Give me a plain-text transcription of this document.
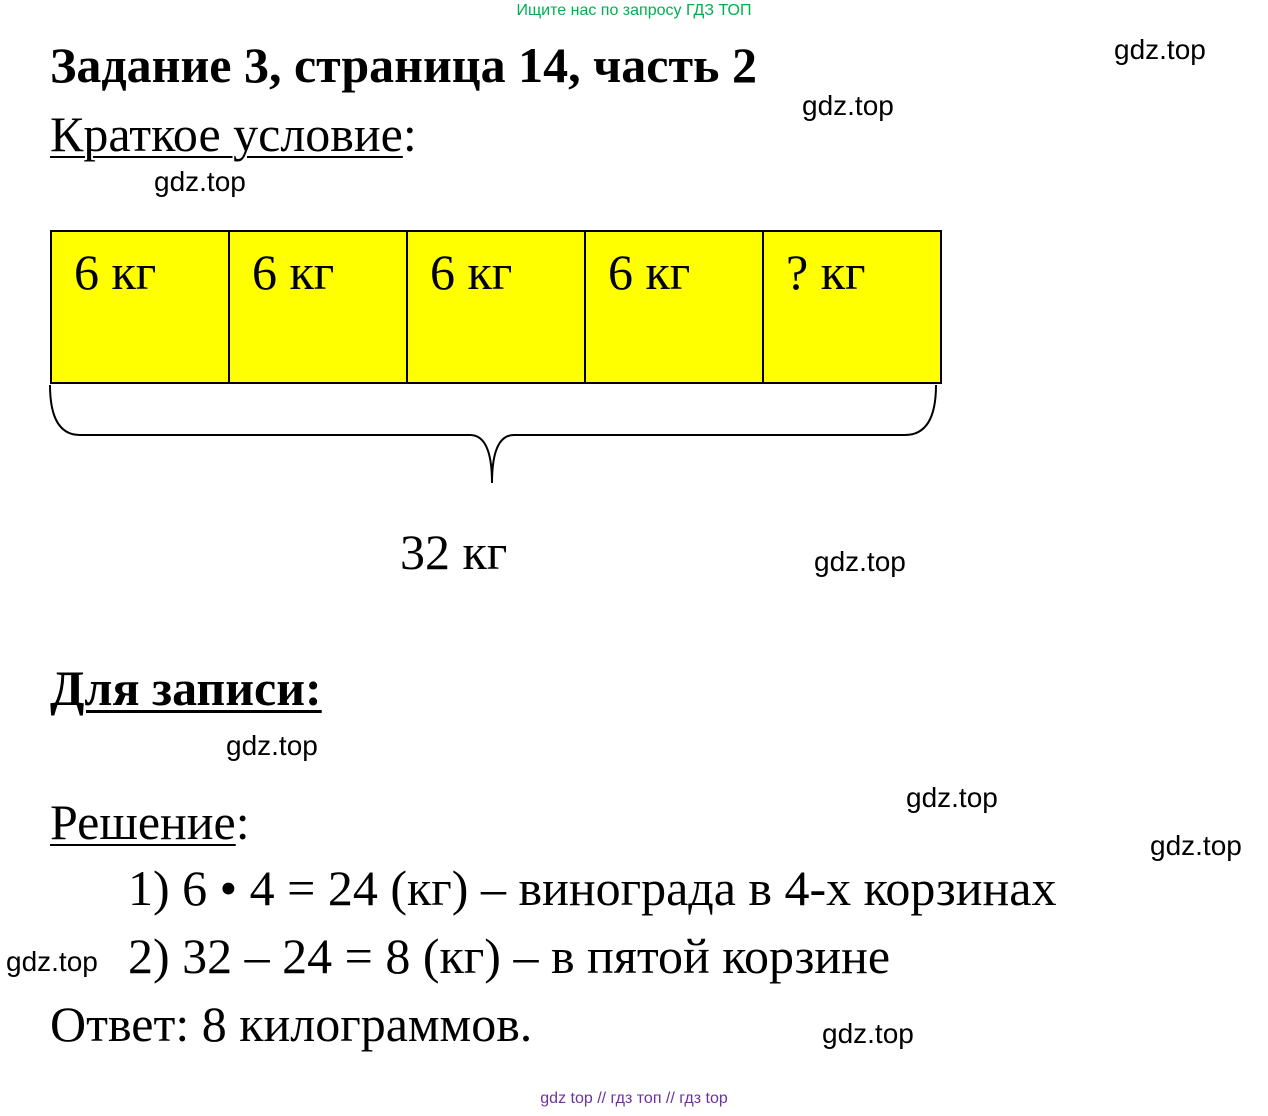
Ищите нас по запросу ГДЗ ТОП
Задание 3, страница 14, часть 2
Краткое условие:
6 кг	6 кг	6 кг	6 кг	? кг
32 кг
Для записи:
Решение:
1) 6 • 4 = 24 (кг) – винограда в 4-х корзинах
2) 32 – 24 = 8 (кг) – в пятой корзине
Ответ: 8 килограммов.
gdz.top
gdz.top
gdz.top
gdz.top
gdz.top
gdz.top
gdz.top
gdz.top
gdz.top
gdz top // гдз топ // гдз top
